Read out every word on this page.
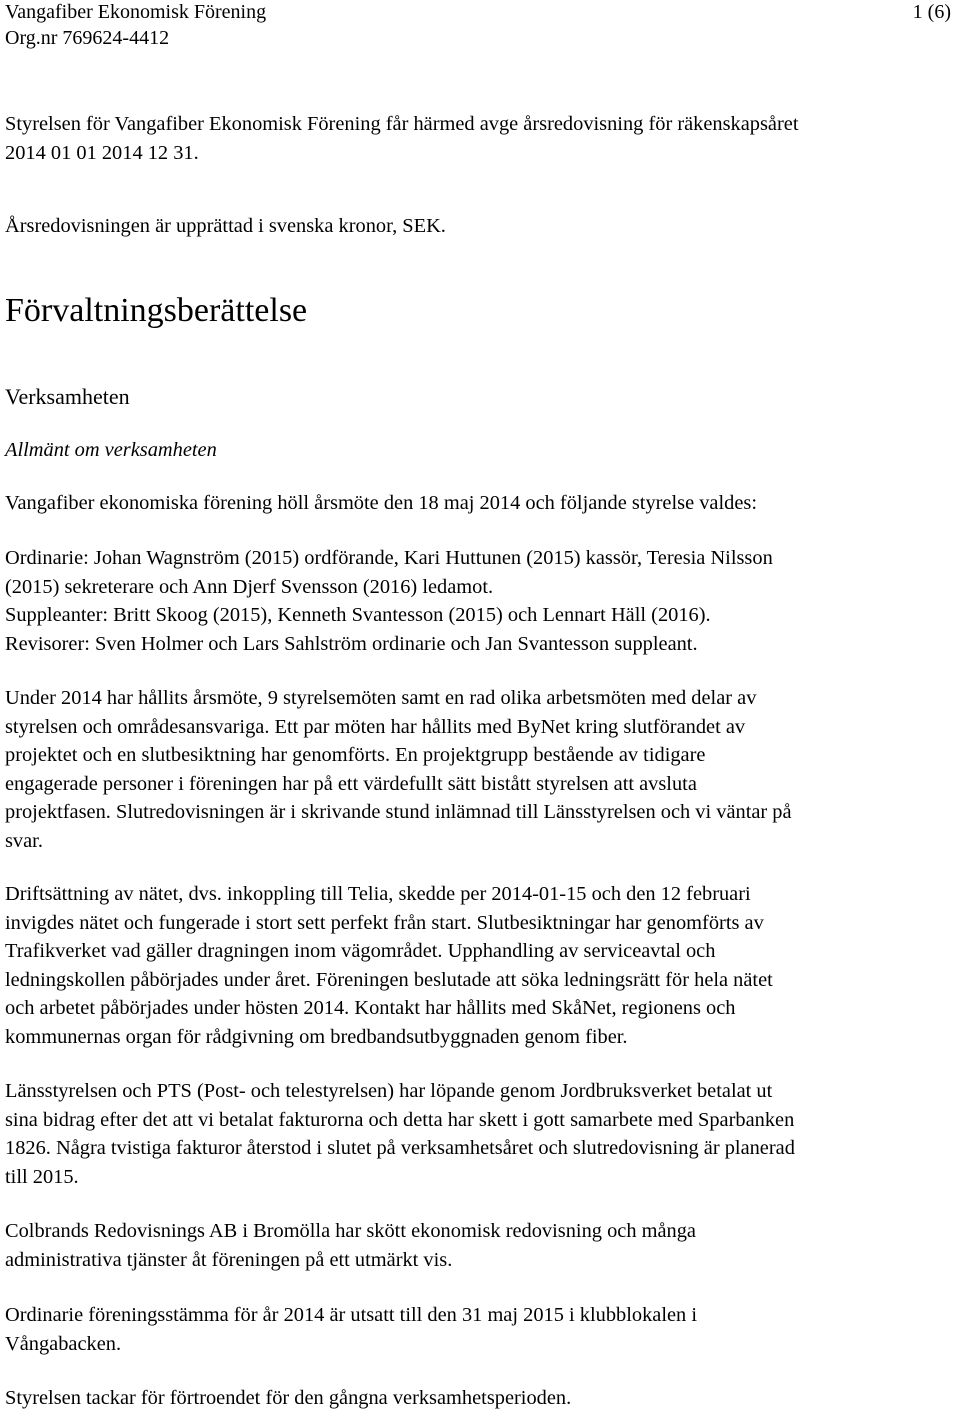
Vangafiber Ekonomisk Förening
Org.nr 769624-4412
1 (6)

Styrelsen för Vangafiber Ekonomisk Förening får härmed avge årsredovisning för räkenskapsåret

2014 01 01 2014 12 31.

Årsredovisningen är upprättad i svenska kronor, SEK.

Förvaltningsberättelse
Verksamheten
Allmänt om verksamheten

Vangafiber ekonomiska förening höll årsmöte den 18 maj 2014 och följande styrelse valdes:

Ordinarie: Johan Wagnström (2015) ordförande, Kari Huttunen (2015) kassör, Teresia Nilsson

(2015) sekreterare och Ann Djerf Svensson (2016) ledamot.

Suppleanter: Britt Skoog (2015), Kenneth Svantesson (2015) och Lennart Häll (2016).

Revisorer: Sven Holmer och Lars Sahlström ordinarie och Jan Svantesson suppleant.

Under 2014 har hållits årsmöte, 9 styrelsemöten samt en rad olika arbetsmöten med delar av

styrelsen och områdesansvariga. Ett par möten har hållits med ByNet kring slutförandet av

projektet och en slutbesiktning har genomförts. En projektgrupp bestående av tidigare

engagerade personer i föreningen har på ett värdefullt sätt bistått styrelsen att avsluta

projektfasen. Slutredovisningen är i skrivande stund inlämnad till Länsstyrelsen och vi väntar på

svar.

Driftsättning av nätet, dvs. inkoppling till Telia, skedde per 2014-01-15 och den 12 februari

invigdes nätet och fungerade i stort sett perfekt från start. Slutbesiktningar har genomförts av

Trafikverket vad gäller dragningen inom vägområdet. Upphandling av serviceavtal och

ledningskollen påbörjades under året. Föreningen beslutade att söka ledningsrätt för hela nätet

och arbetet påbörjades under hösten 2014. Kontakt har hållits med SkåNet, regionens och

kommunernas organ för rådgivning om bredbandsutbyggnaden genom fiber.

Länsstyrelsen och PTS (Post- och telestyrelsen) har löpande genom Jordbruksverket betalat ut

sina bidrag efter det att vi betalat fakturorna och detta har skett i gott samarbete med Sparbanken

1826. Några tvistiga fakturor återstod i slutet på verksamhetsåret och slutredovisning är planerad

till 2015.

Colbrands Redovisnings AB i Bromölla har skött ekonomisk redovisning och många

administrativa tjänster åt föreningen på ett utmärkt vis.

Ordinarie föreningsstämma för år 2014 är utsatt till den 31 maj 2015 i klubblokalen i

Vångabacken.

Styrelsen tackar för förtroendet för den gångna verksamhetsperioden.
